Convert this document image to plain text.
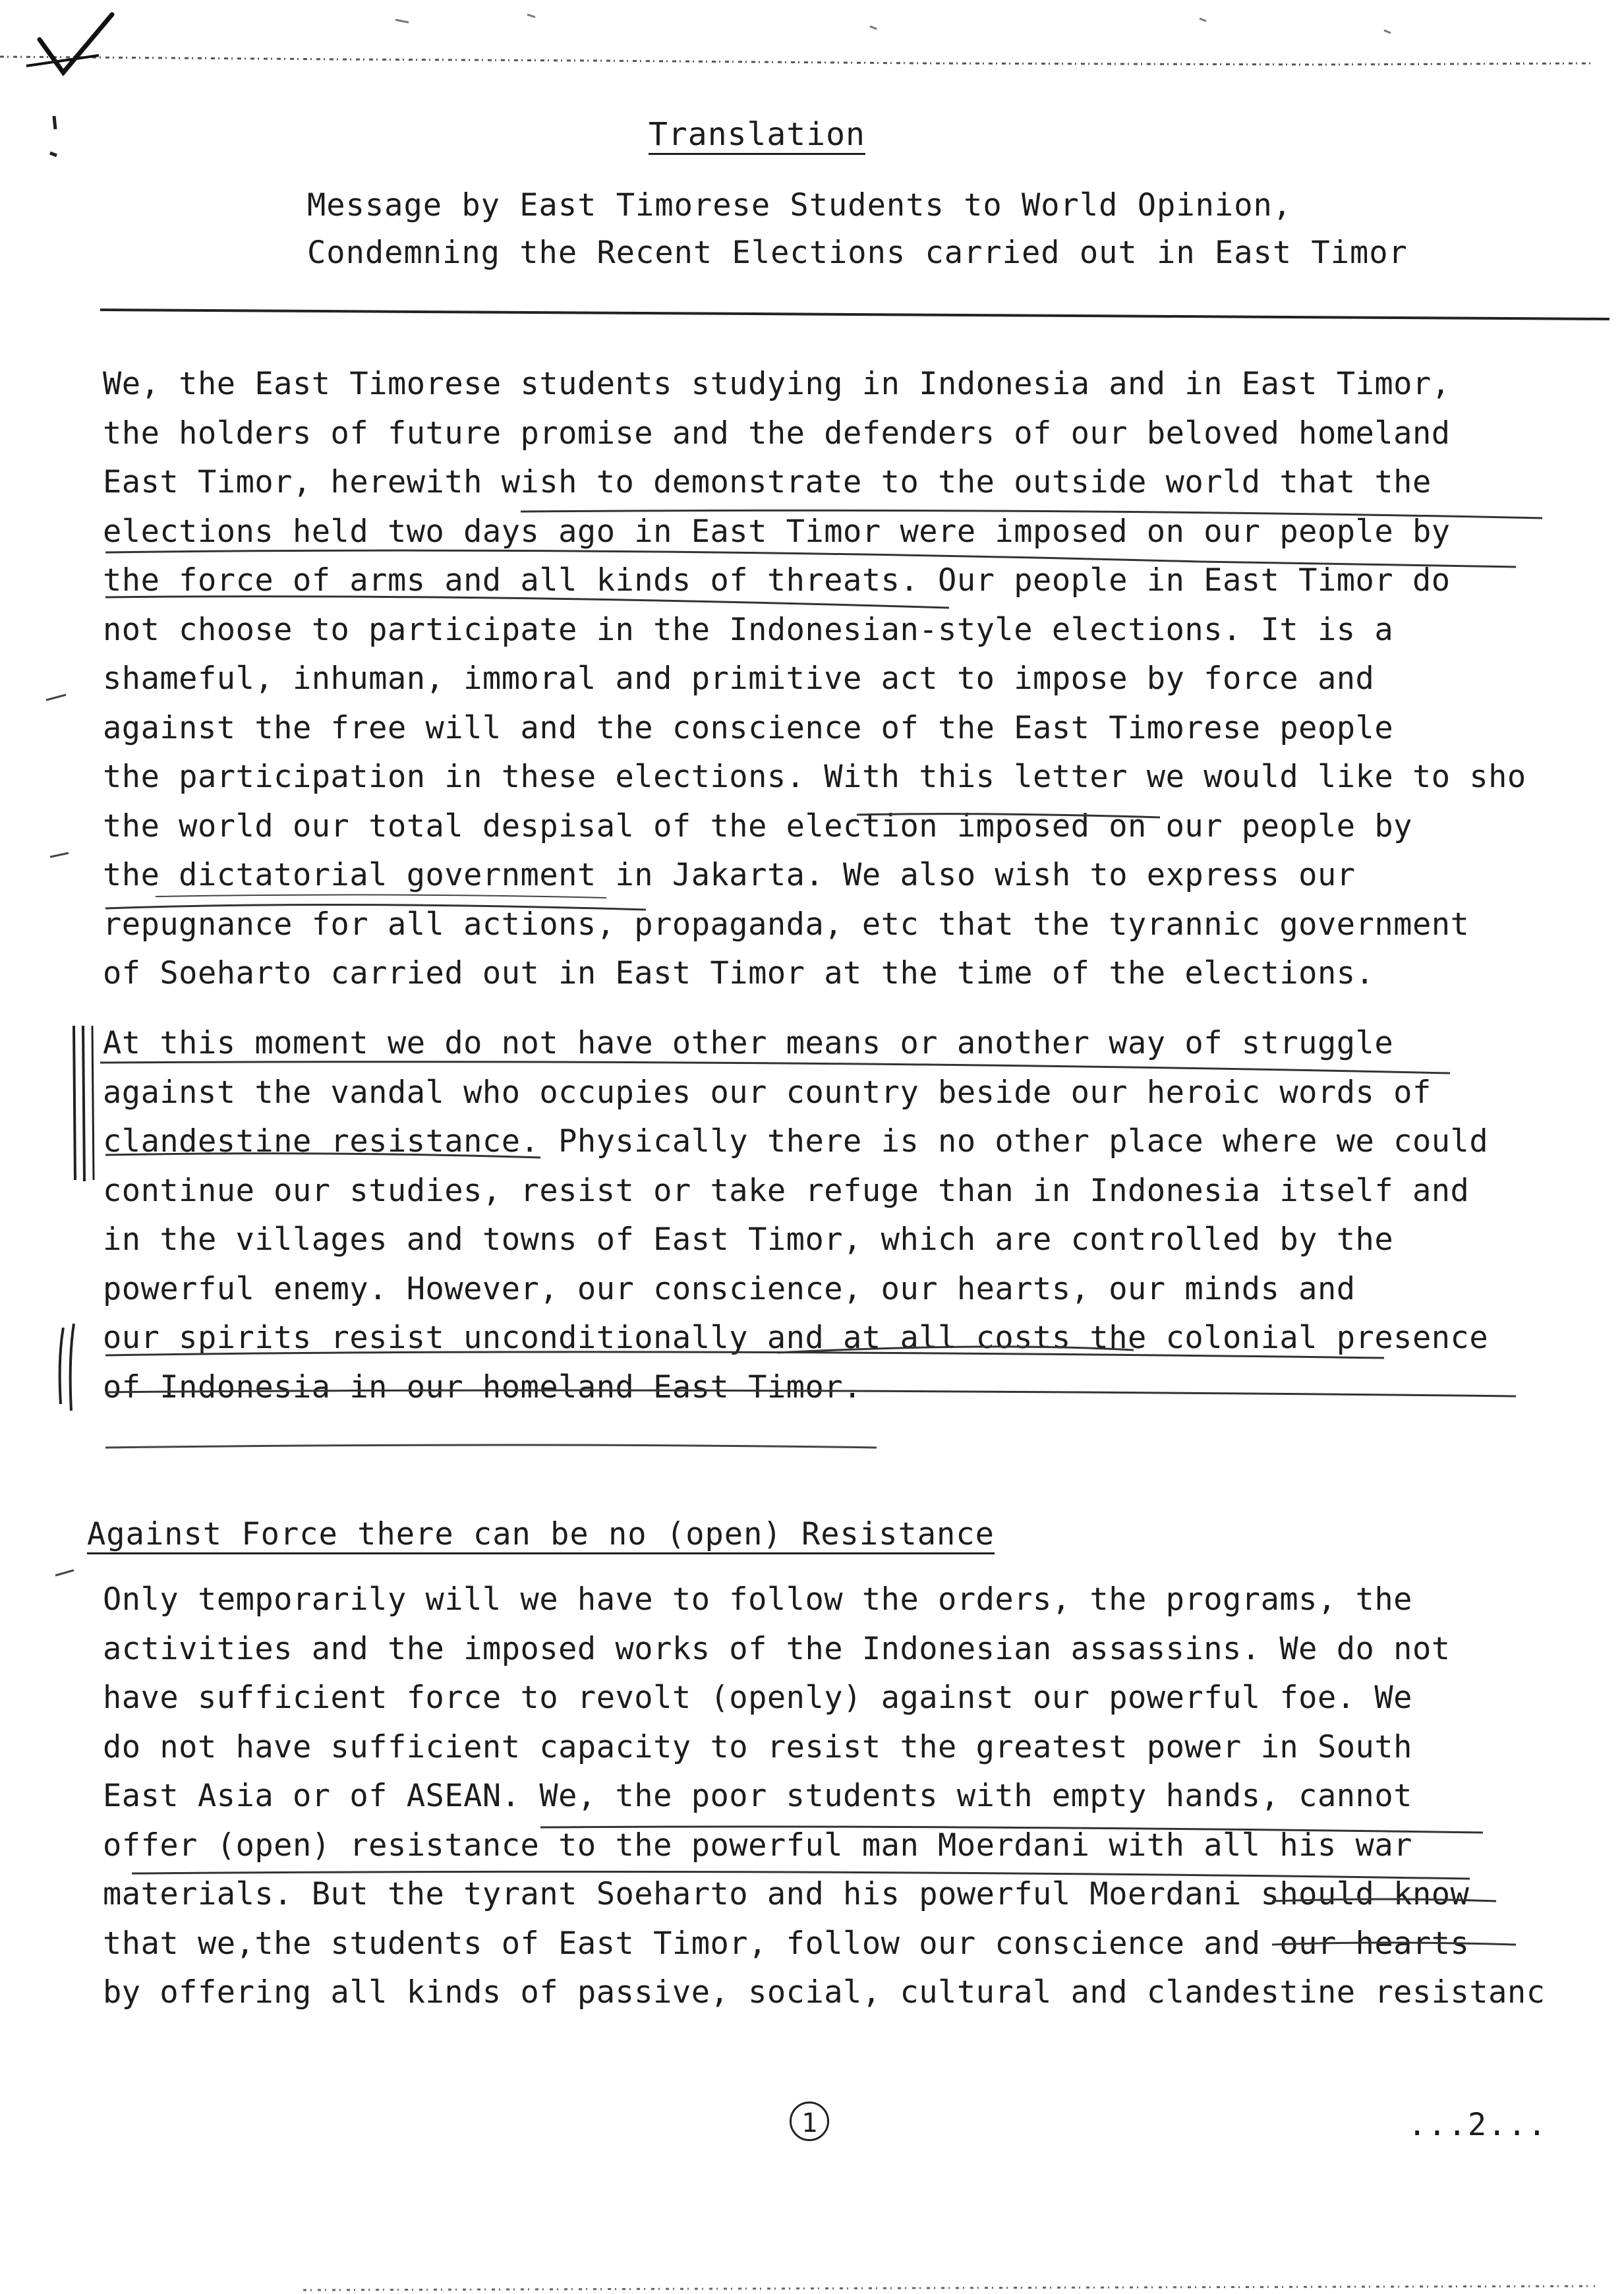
Translation
Message by East Timorese Students to World Opinion,
Condemning the Recent Elections carried out in East Timor

We, the East Timorese students studying in Indonesia and in East Timor,
the holders of future promise and the defenders of our beloved homeland
East Timor, herewith wish to demonstrate to the outside world that the
elections held two days ago in East Timor were imposed on our people by
the force of arms and all kinds of threats. Our people in East Timor do
not choose to participate in the Indonesian-style elections. It is a
shameful, inhuman, immoral and primitive act to impose by force and
against the free will and the conscience of the East Timorese people
the participation in these elections. With this letter we would like to sho
the world our total despisal of the election imposed on our people by
the dictatorial government in Jakarta. We also wish to express our
repugnance for all actions, propaganda, etc that the tyrannic government
of Soeharto carried out in East Timor at the time of the elections.

At this moment we do not have other means or another way of struggle
against the vandal who occupies our country beside our heroic words of
clandestine resistance. Physically there is no other place where we could
continue our studies, resist or take refuge than in Indonesia itself and
in the villages and towns of East Timor, which are controlled by the
powerful enemy. However, our conscience, our hearts, our minds and
our spirits resist unconditionally and at all costs the colonial presence
of Indonesia in our homeland East Timor.

Against Force there can be no (open) Resistance

Only temporarily will we have to follow the orders, the programs, the
activities and the imposed works of the Indonesian assassins. We do not
have sufficient force to revolt (openly) against our powerful foe. We
do not have sufficient capacity to resist the greatest power in South
East Asia or of ASEAN. We, the poor students with empty hands, cannot
offer (open) resistance to the powerful man Moerdani with all his war
materials. But the tyrant Soeharto and his powerful Moerdani should know
that we,the students of East Timor, follow our conscience and our hearts
by offering all kinds of passive, social, cultural and clandestine resistanc

1	...2...
